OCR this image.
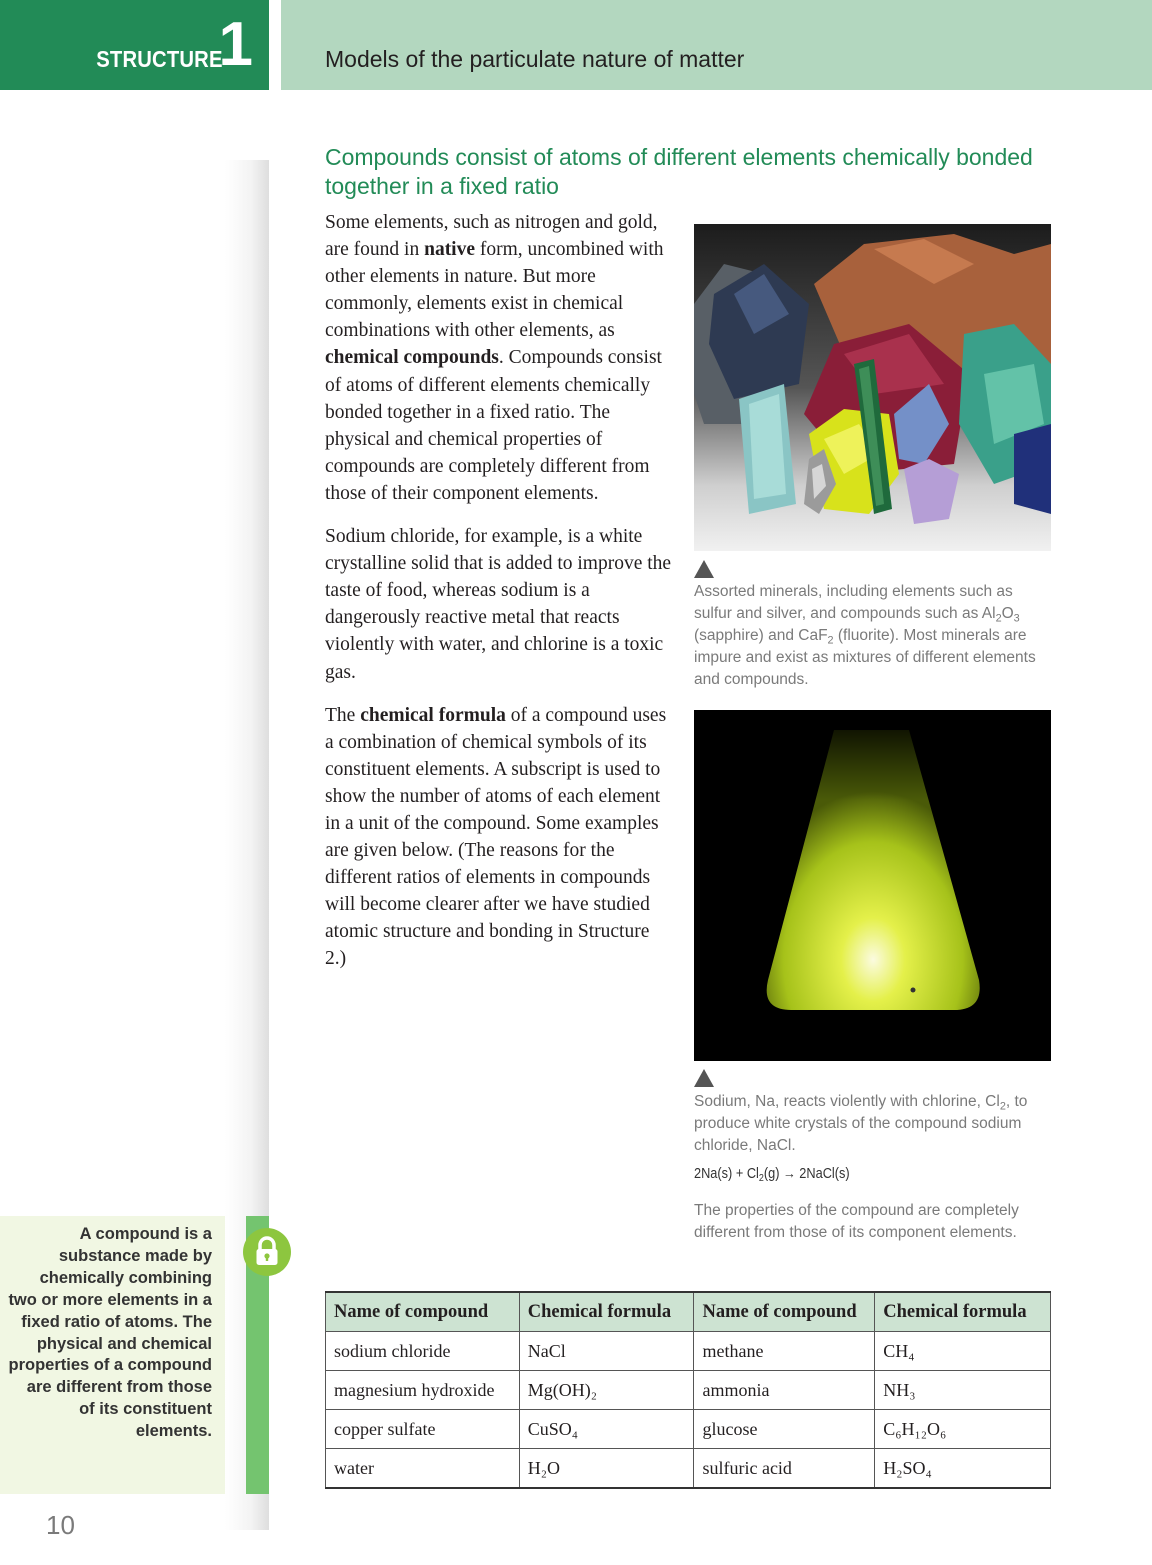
STRUCTURE
1	Models of the particulate nature of matter
A compound is a substance made by chemically combining two or more elements in a fixed ratio of atoms. The physical and chemical properties of a compound are different from those of its constituent elements.
10
Compounds consist of atoms of different elements chemically bonded together in a fixed ratio

Some elements, such as nitrogen and gold, are found in native form, uncombined with other elements in nature. But more commonly, elements exist in chemical combinations with other elements, as chemical compounds. Compounds consist of atoms of different elements chemically bonded together in a fixed ratio. The physical and chemical properties of compounds are completely different from those of their component elements.

Sodium chloride, for example, is a white crystalline solid that is added to improve the taste of food, whereas sodium is a dangerously reactive metal that reacts violently with water, and chlorine is a toxic gas.

The chemical formula of a compound uses a combination of chemical symbols of its constituent elements. A subscript is used to show the number of atoms of each element in a unit of the compound. Some examples are given below. (The reasons for the different ratios of elements in compounds will become clearer after we have studied atomic structure and bonding in Structure 2.)

Assorted minerals, including elements such as sulfur and silver, and compounds such as $Al_2O_3$ (sapphire) and CaF$_2$ (fluorite). Most minerals are impure and exist as mixtures of different elements and compounds.
Sodium, Na, reacts violently with chlorine, $Cl_2$, to produce white crystals of the compound sodium chloride, NaCl.
$2Na(s) + Cl_2(g)$ → 2NaCl(s)
The properties of the compound are completely different from those of its component elements.
Name of compound	Chemical formula	Name of compound	Chemical formula
sodium chloride	NaCl	methane	CH₄
magnesium hydroxide	Mg(OH)₂	ammonia	NH₃
copper sulfate	CuSO₄	glucose	C₆H₁₂O₆
water	H₂O	sulfuric acid	H₂SO₄
